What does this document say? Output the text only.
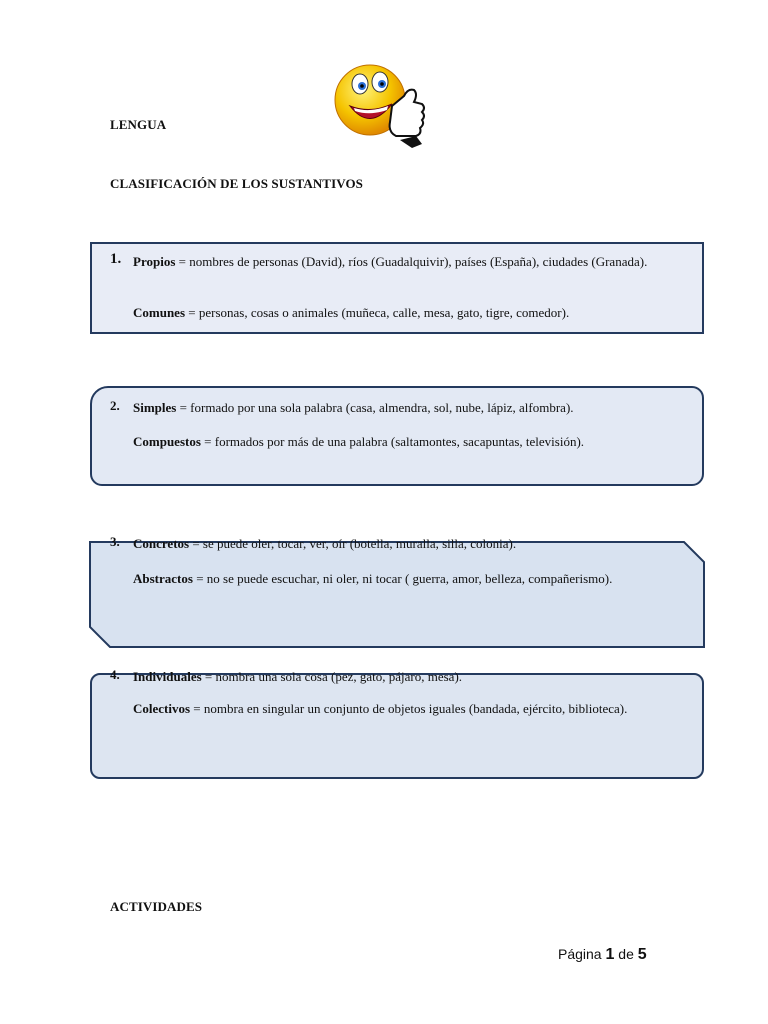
LENGUA
CLASIFICACIÓN DE LOS SUSTANTIVOS
1. Propios = nombres de personas (David), ríos (Guadalquivir), países (España), ciudades (Granada).
Comunes = personas, cosas o animales (muñeca, calle, mesa, gato, tigre, comedor).
2. Simples = formado por una sola palabra (casa, almendra, sol, nube, lápiz, alfombra).
Compuestos = formados por más de una palabra (saltamontes, sacapuntas, televisión).
3. Concretos = se puede oler, tocar, ver, oír (botella, muralla, silla, colonia).
Abstractos = no se puede escuchar, ni oler, ni tocar ( guerra, amor, belleza, compañerismo).
4. Individuales = nombra una sola cosa (pez, gato, pájaro, mesa).
Colectivos = nombra en singular un conjunto de objetos iguales (bandada, ejército, biblioteca).
ACTIVIDADES
Página 1 de 5
